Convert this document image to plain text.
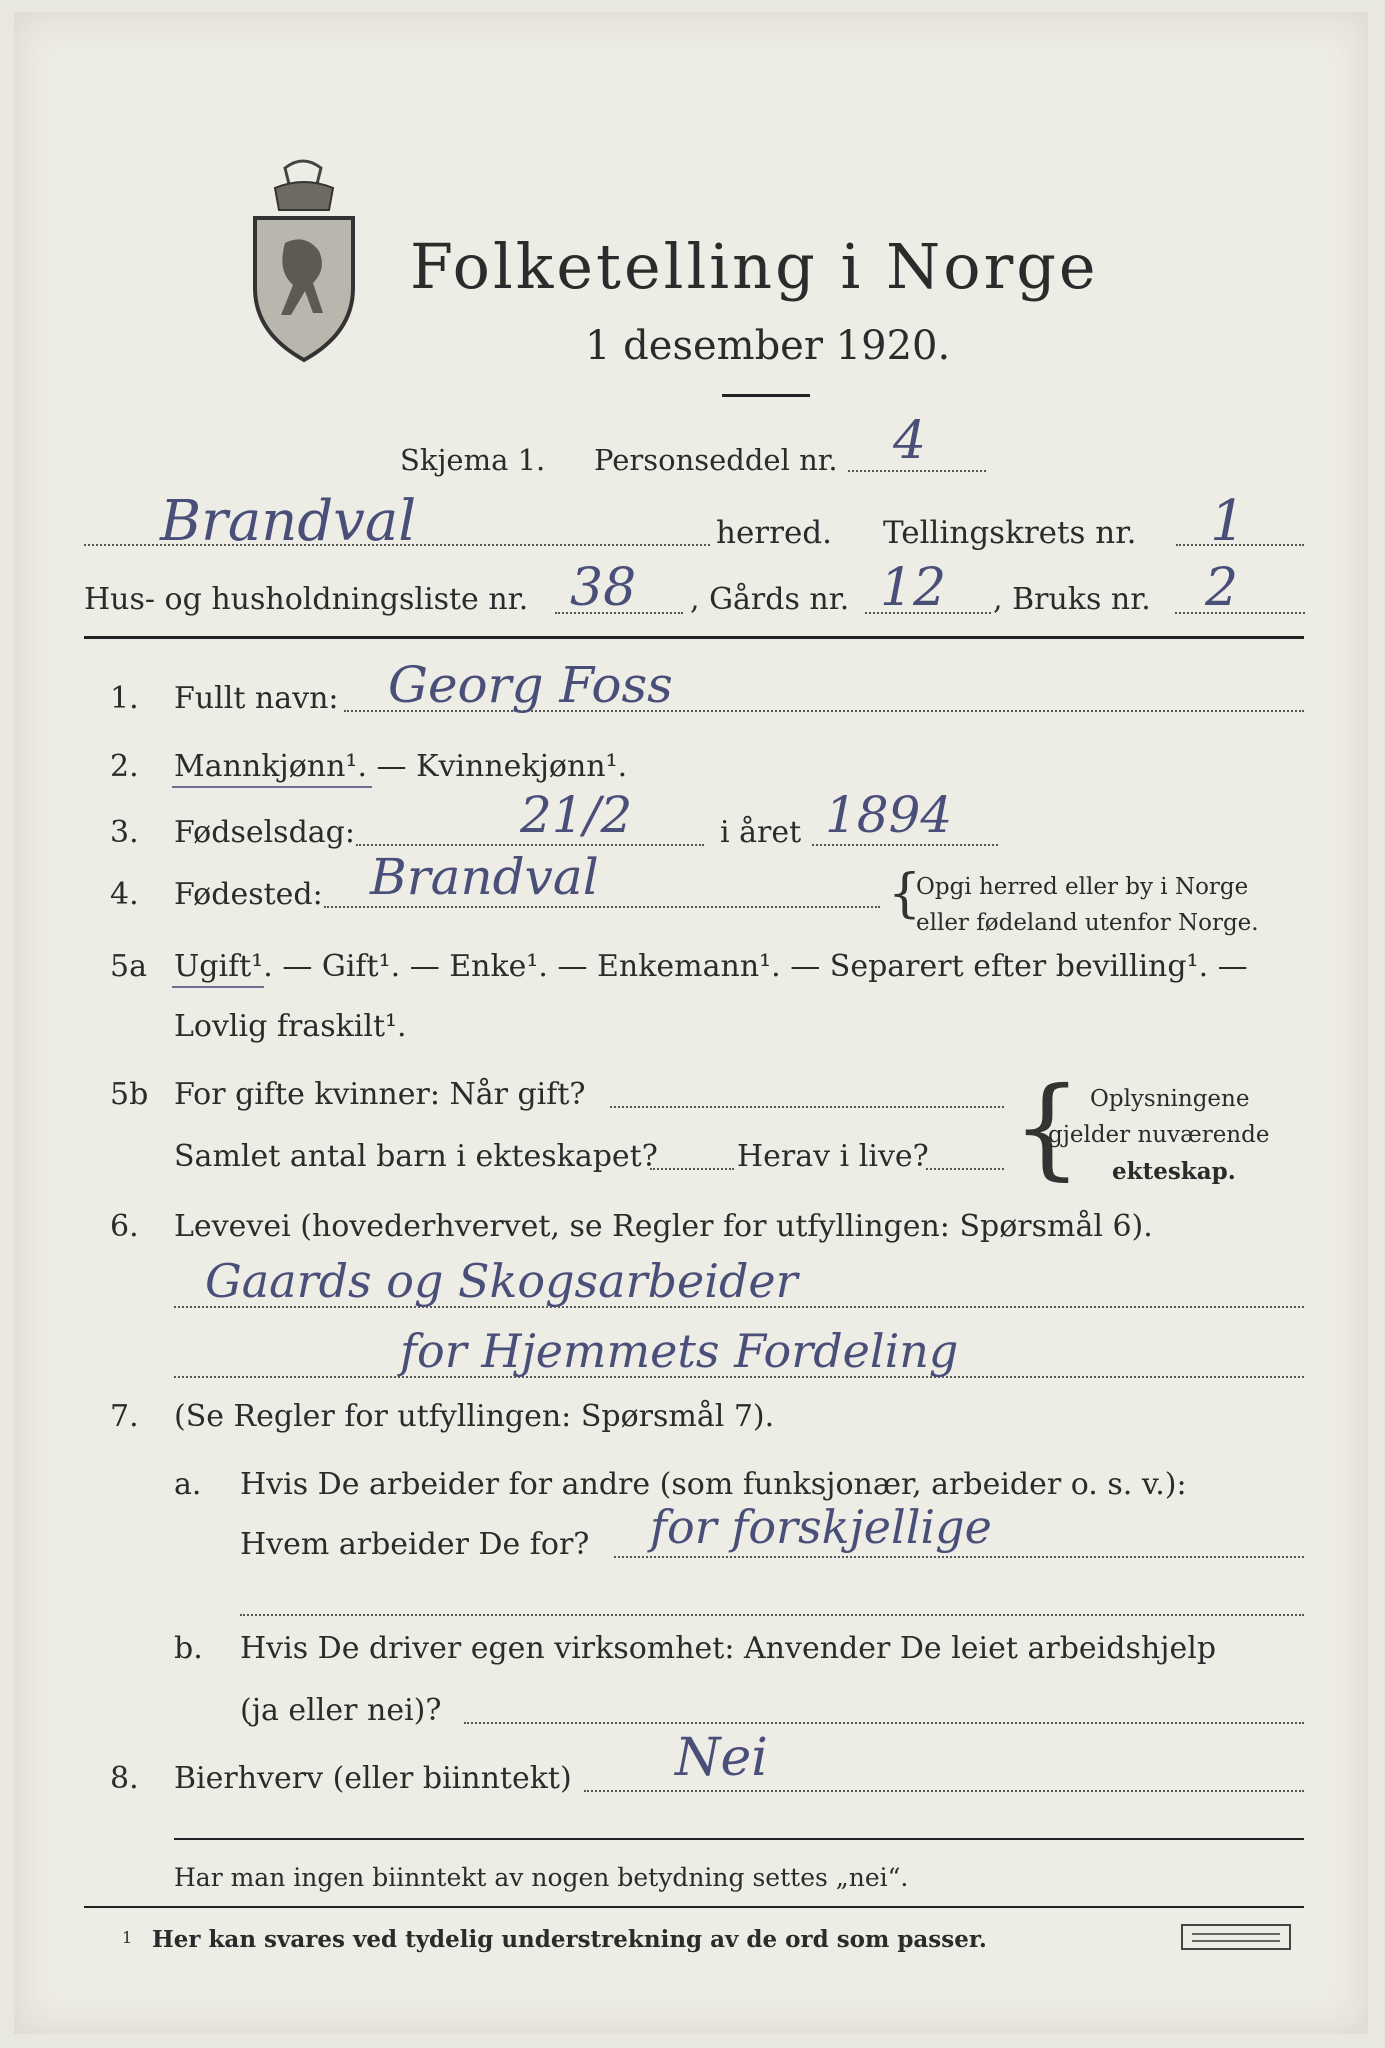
Folketelling i Norge
1 desember 1920.
Skjema 1. Personseddel nr. 4
Brandval	herred. Tellingskrets nr. 1
Hus- og husholdningsliste nr. 38 , Gårds nr. 12 , Bruks nr. 2
1. Fullt navn: Georg Foss
2. Mannkjønn¹. — Kvinnekjønn¹.
3. Fødselsdag:	21/2	i året 1894
4. Fødested: Brandval	{
Opgi herred eller by i Norge
eller fødeland utenfor Norge.
5a Ugift¹. — Gift¹. — Enke¹. — Enkemann¹. — Separert efter bevilling¹. —
Lovlig fraskilt¹.
5b For gifte kvinner: Når gift?
Samlet antal barn i ekteskapet?	Herav i live? { Oplysningene
gjelder nuværende
ekteskap.
6. Levevei (hovederhvervet, se Regler for utfyllingen: Spørsmål 6).
Gaards og Skogsarbeider
for Hjemmets Fordeling
7. (Se Regler for utfyllingen: Spørsmål 7).
a. Hvis De arbeider for andre (som funksjonær, arbeider o. s. v.):
Hvem arbeider De for? for forskjellige
b. Hvis De driver egen virksomhet: Anvender De leiet arbeidshjelp
(ja eller nei)?
8. Bierhverv (eller biinntekt) Nei
Har man ingen biinntekt av nogen betydning settes „nei“.
1 Her kan svares ved tydelig understrekning av de ord som passer.
